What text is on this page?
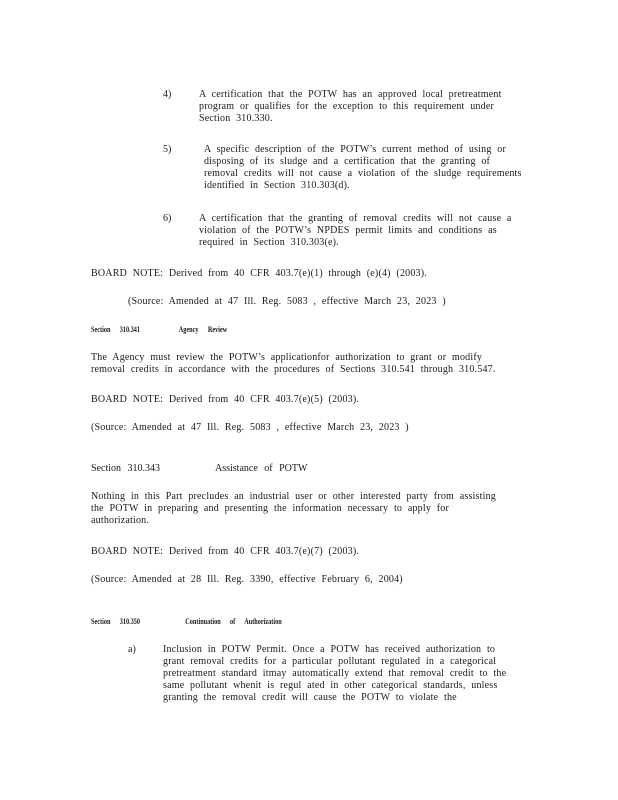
4)	A certification that the POTW has an approved local pretreatment program or qualifies for the exception to this requirement under Section 310.330.
5)	A specific description of the POTW’s current method of using or disposing of its sludge and a certification that the granting of removal credits will not cause a violation of the sludge requirements identified in Section 310.303(d).
6)	A certification that the granting of removal credits will not cause a violation of the POTW’s NPDES permit limits and conditions as required in Section 310.303(e).
BOARD NOTE: Derived from 40 CFR 403.7(e)(1) through (e)(4) (2003).
(Source: Amended at 47 Ill. Reg. 5083 , effective March 23, 2023 )
Section 310.341	Agency Review
The Agency must review the POTW’s applicationfor authorization to grant or modify removal credits in accordance with the procedures of Sections 310.541 through 310.547.
BOARD NOTE: Derived from 40 CFR 403.7(e)(5) (2003).
(Source: Amended at 47 Ill. Reg. 5083 , effective March 23, 2023 )
Section 310.343	Assistance of POTW
Nothing in this Part precludes an industrial user or other interested party from assisting the POTW in preparing and presenting the information necessary to apply for authorization.
BOARD NOTE: Derived from 40 CFR 403.7(e)(7) (2003).
(Source: Amended at 28 Ill. Reg. 3390, effective February 6, 2004)
Section 310.350	Continuation of Authorization
a)	Inclusion in POTW Permit. Once a POTW has received authorization to grant removal credits for a particular pollutant regulated in a categorical pretreatment standard itmay automatically extend that removal credit to the same pollutant whenit is regul ated in other categorical standards, unless granting the removal credit will cause the POTW to violate the
